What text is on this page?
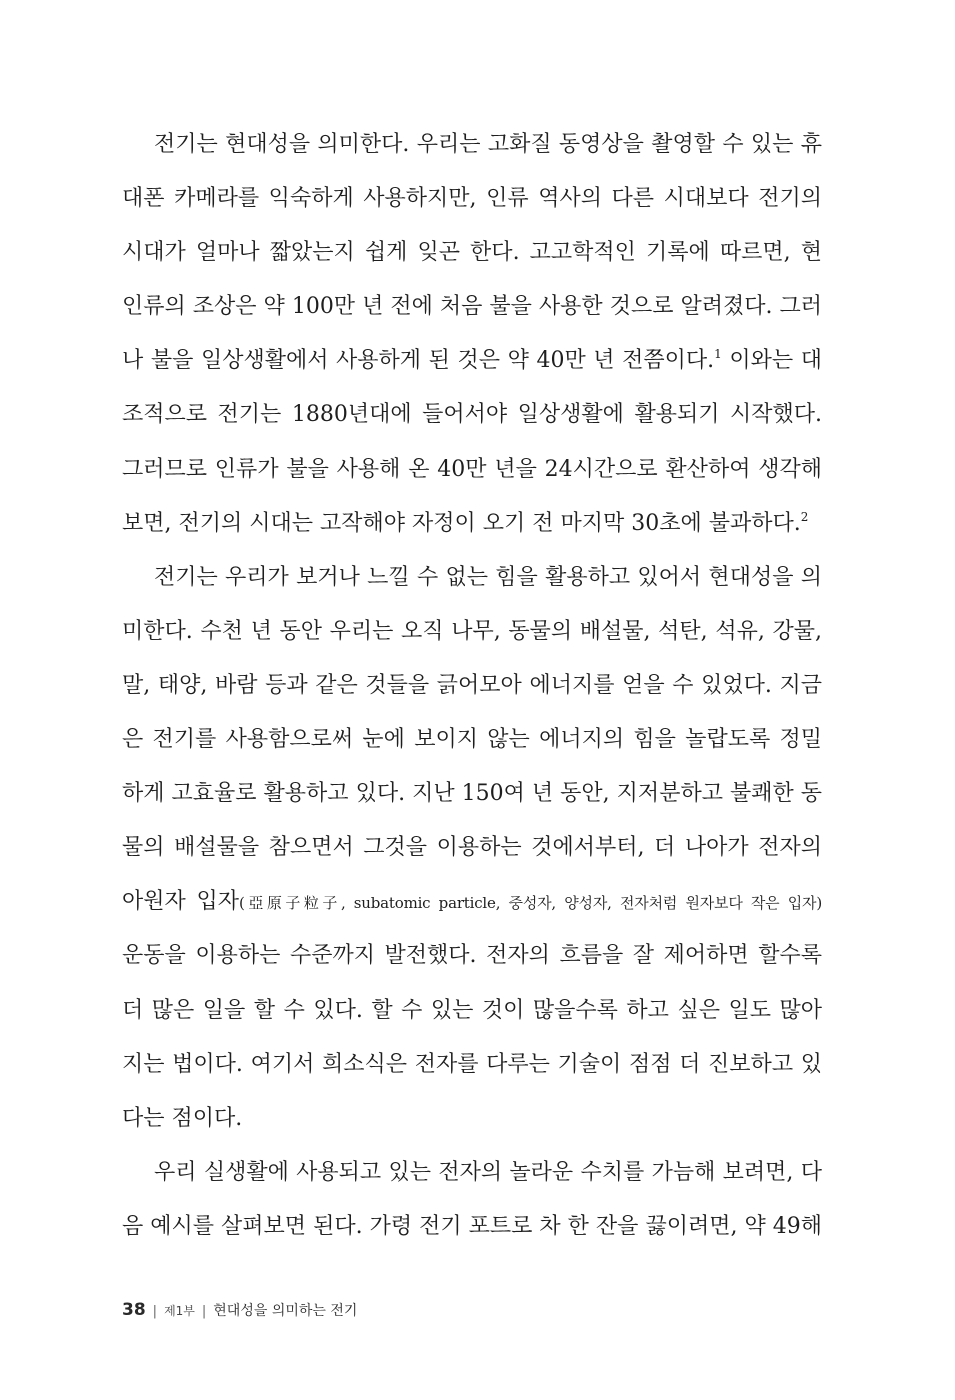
전기는 현대성을 의미한다. 우리는 고화질 동영상을 촬영할 수 있는 휴
대폰 카메라를 익숙하게 사용하지만, 인류 역사의 다른 시대보다 전기의
시대가 얼마나 짧았는지 쉽게 잊곤 한다. 고고학적인 기록에 따르면, 현
인류의 조상은 약 100만 년 전에 처음 불을 사용한 것으로 알려졌다. 그러
나 불을 일상생활에서 사용하게 된 것은 약 40만 년 전쯤이다.$^1$ 이와는 대
조적으로 전기는 1880년대에 들어서야 일상생활에 활용되기 시작했다.
그러므로 인류가 불을 사용해 온 40만 년을 24시간으로 환산하여 생각해
보면, 전기의 시대는 고작해야 자정이 오기 전 마지막 30초에 불과하다.$^2$
전기는 우리가 보거나 느낄 수 없는 힘을 활용하고 있어서 현대성을 의
미한다. 수천 년 동안 우리는 오직 나무, 동물의 배설물, 석탄, 석유, 강물,
말, 태양, 바람 등과 같은 것들을 긁어모아 에너지를 얻을 수 있었다. 지금
은 전기를 사용함으로써 눈에 보이지 않는 에너지의 힘을 놀랍도록 정밀
하게 고효율로 활용하고 있다. 지난 150여 년 동안, 지저분하고 불쾌한 동
물의 배설물을 참으면서 그것을 이용하는 것에서부터, 더 나아가 전자의
아원자 입자(亞原子粒子, subatomic particle, 중성자, 양성자, 전자처럼 원자보다 작은 입자)
운동을 이용하는 수준까지 발전했다. 전자의 흐름을 잘 제어하면 할수록
더 많은 일을 할 수 있다. 할 수 있는 것이 많을수록 하고 싶은 일도 많아
지는 법이다. 여기서 희소식은 전자를 다루는 기술이 점점 더 진보하고 있
다는 점이다.
우리 실생활에 사용되고 있는 전자의 놀라운 수치를 가늠해 보려면, 다
음 예시를 살펴보면 된다. 가령 전기 포트로 차 한 잔을 끓이려면, 약 49해
38 | 제1부 | 현대성을 의미하는 전기
